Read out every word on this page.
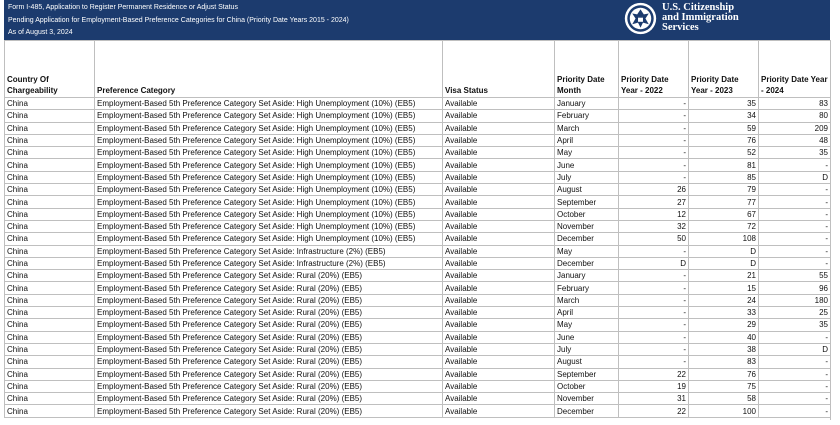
Form I-485, Application to Register Permanent Residence or Adjust Status
Pending Application for Employment-Based Preference Categories for China (Priority Date Years 2015 - 2024)
As of August 3, 2024
U.S. Citizenship
and Immigration
Services
Country Of Chargeability	Preference Category	Visa Status	Priority Date Month	Priority Date Year - 2022	Priority Date Year - 2023	Priority Date Year - 2024
China	Employment-Based 5th Preference Category Set Aside: High Unemployment (10%) (EB5)	Available	January	-	35	83
China	Employment-Based 5th Preference Category Set Aside: High Unemployment (10%) (EB5)	Available	February	-	34	80
China	Employment-Based 5th Preference Category Set Aside: High Unemployment (10%) (EB5)	Available	March	-	59	209
China	Employment-Based 5th Preference Category Set Aside: High Unemployment (10%) (EB5)	Available	April	-	76	48
China	Employment-Based 5th Preference Category Set Aside: High Unemployment (10%) (EB5)	Available	May	-	52	35
China	Employment-Based 5th Preference Category Set Aside: High Unemployment (10%) (EB5)	Available	June	-	81	-
China	Employment-Based 5th Preference Category Set Aside: High Unemployment (10%) (EB5)	Available	July	-	85	D
China	Employment-Based 5th Preference Category Set Aside: High Unemployment (10%) (EB5)	Available	August	26	79	-
China	Employment-Based 5th Preference Category Set Aside: High Unemployment (10%) (EB5)	Available	September	27	77	-
China	Employment-Based 5th Preference Category Set Aside: High Unemployment (10%) (EB5)	Available	October	12	67	-
China	Employment-Based 5th Preference Category Set Aside: High Unemployment (10%) (EB5)	Available	November	32	72	-
China	Employment-Based 5th Preference Category Set Aside: High Unemployment (10%) (EB5)	Available	December	50	108	-
China	Employment-Based 5th Preference Category Set Aside: Infrastructure (2%) (EB5)	Available	May	-	D	-
China	Employment-Based 5th Preference Category Set Aside: Infrastructure (2%) (EB5)	Available	December	D	D	-
China	Employment-Based 5th Preference Category Set Aside: Rural (20%) (EB5)	Available	January	-	21	55
China	Employment-Based 5th Preference Category Set Aside: Rural (20%) (EB5)	Available	February	-	15	96
China	Employment-Based 5th Preference Category Set Aside: Rural (20%) (EB5)	Available	March	-	24	180
China	Employment-Based 5th Preference Category Set Aside: Rural (20%) (EB5)	Available	April	-	33	25
China	Employment-Based 5th Preference Category Set Aside: Rural (20%) (EB5)	Available	May	-	29	35
China	Employment-Based 5th Preference Category Set Aside: Rural (20%) (EB5)	Available	June	-	40	-
China	Employment-Based 5th Preference Category Set Aside: Rural (20%) (EB5)	Available	July	-	38	D
China	Employment-Based 5th Preference Category Set Aside: Rural (20%) (EB5)	Available	August	-	83	-
China	Employment-Based 5th Preference Category Set Aside: Rural (20%) (EB5)	Available	September	22	76	-
China	Employment-Based 5th Preference Category Set Aside: Rural (20%) (EB5)	Available	October	19	75	-
China	Employment-Based 5th Preference Category Set Aside: Rural (20%) (EB5)	Available	November	31	58	-
China	Employment-Based 5th Preference Category Set Aside: Rural (20%) (EB5)	Available	December	22	100	-
